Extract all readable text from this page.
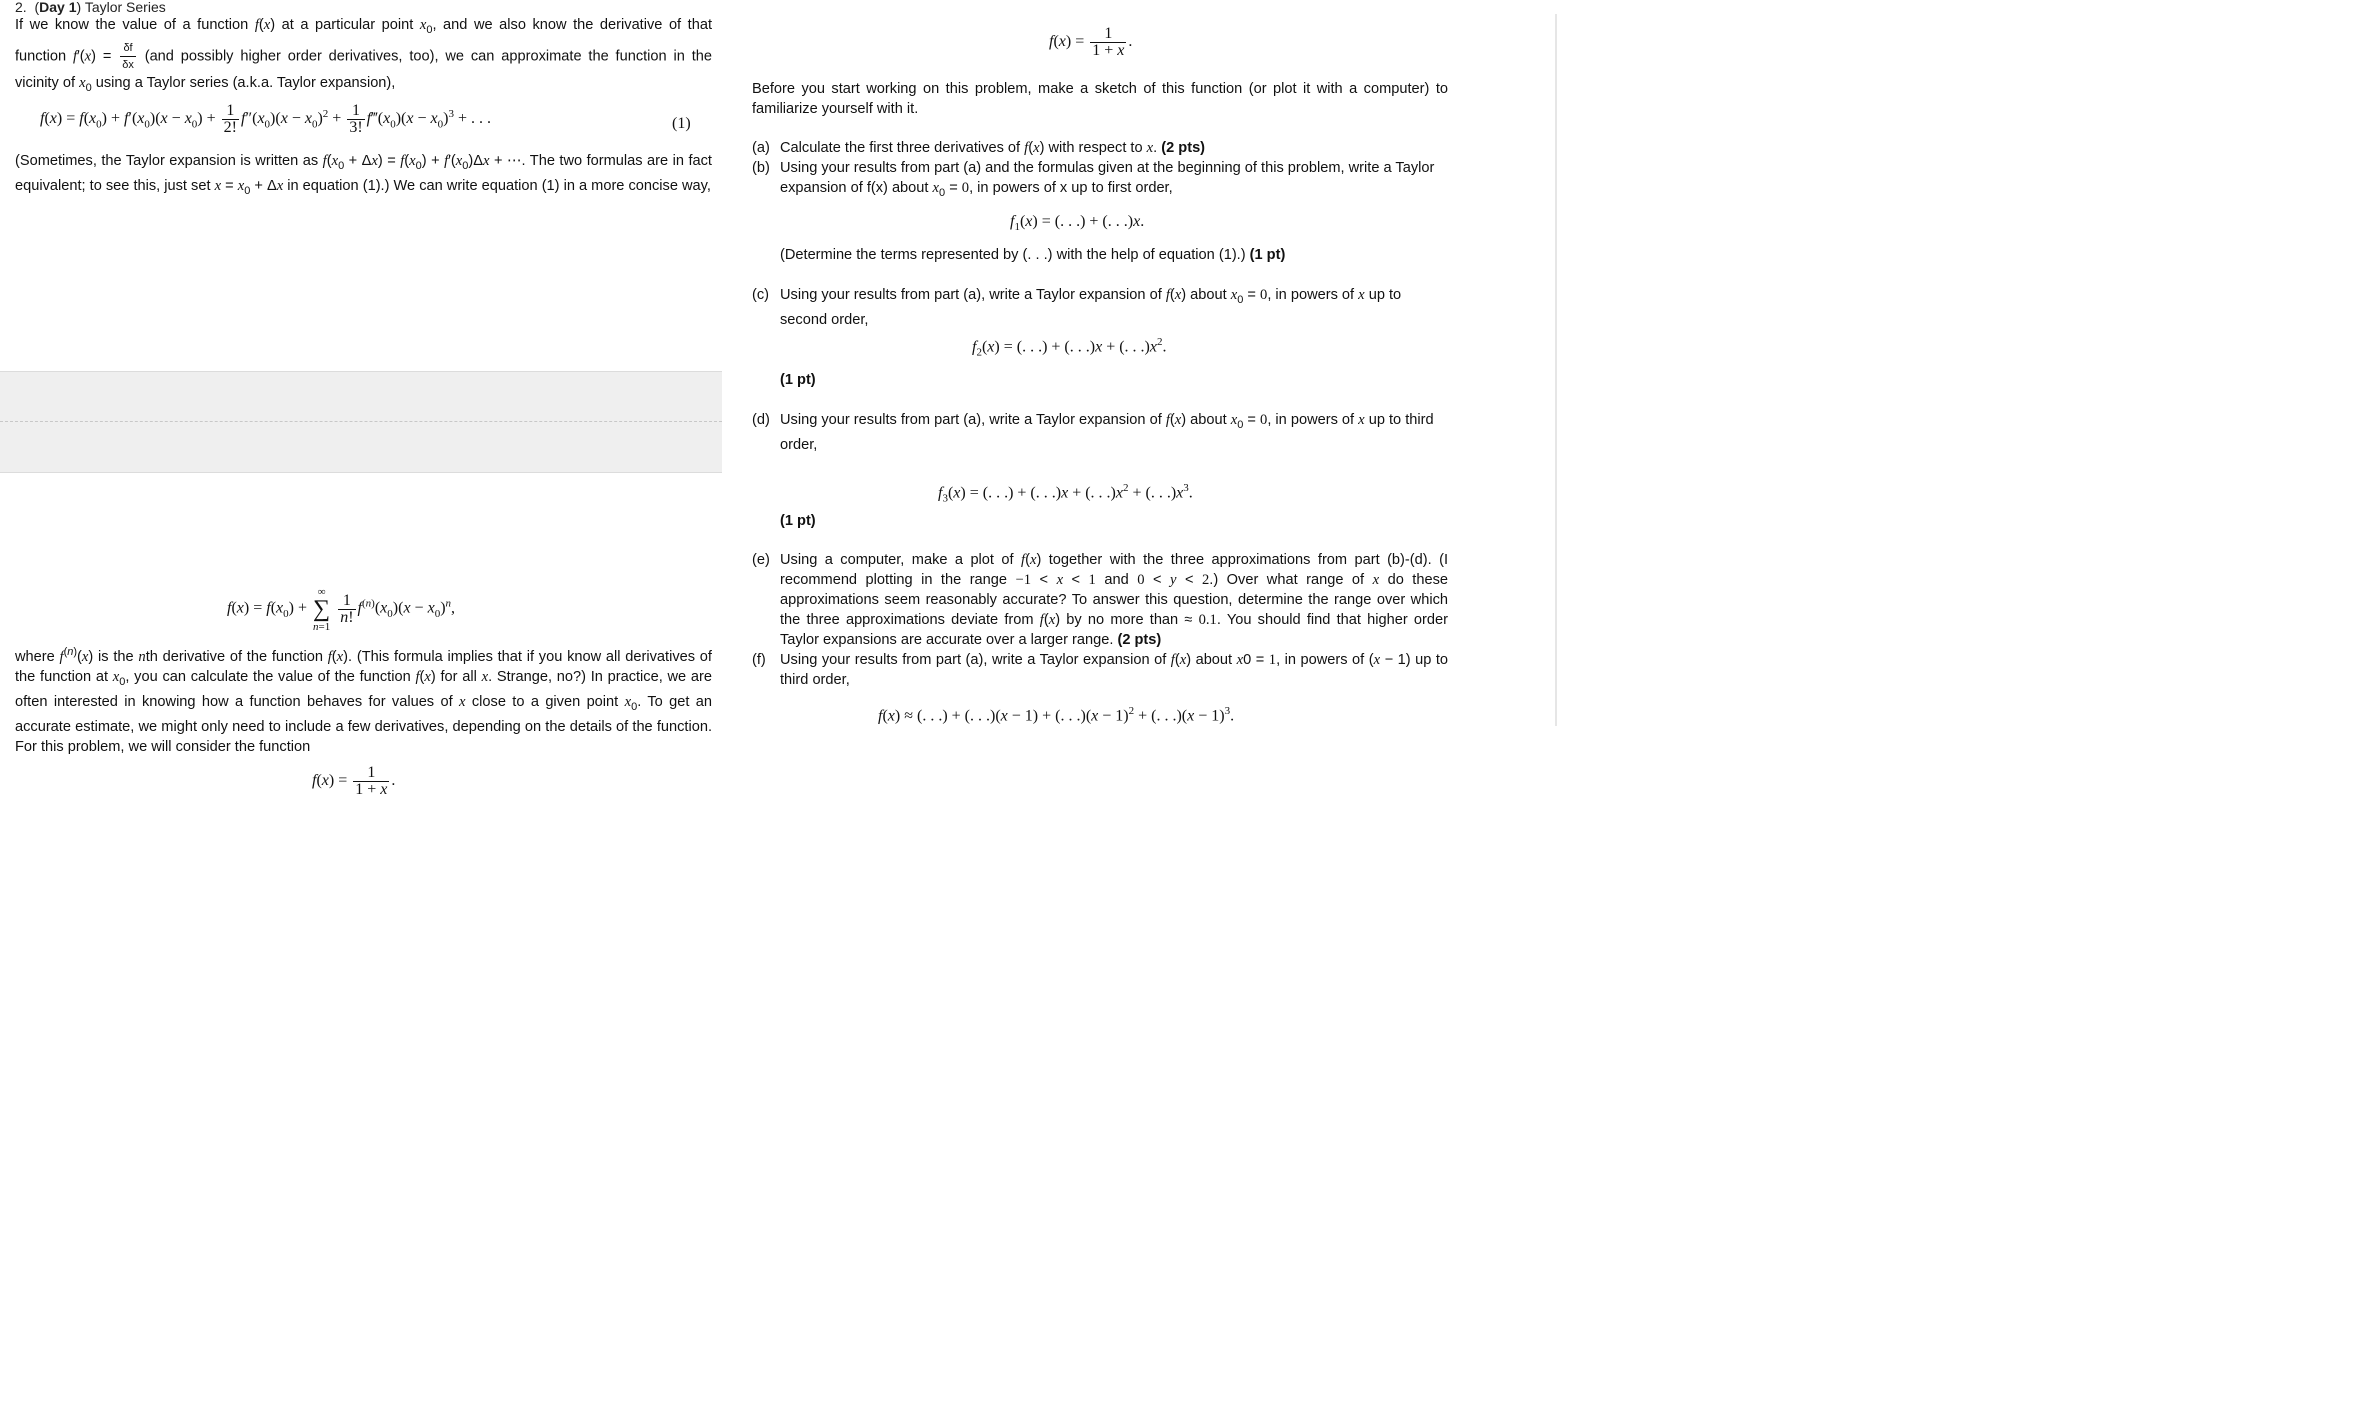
2.  (Day 1) Taylor Series

If we know the value of a function f(x) at a particular point $x_0$, and we also know the derivative of that function $f'(x) = \frac{\delta f}{\delta x} (and$ possibly higher order derivatives, too), we can approximate the function in the vicinity of $x_0$ using a Taylor series (a.k.a. Taylor expansion),

$f(x) = f(x_0) + f'(x_0)(x - x_0) + \frac{1}{2!} f''(x_0)(x - x_0)^2 + \frac{1}{3!}$ $f‴(x_0)(x - x_0)^3$ + . . .	(1)

(Sometimes, the Taylor expansion is written as $f(x_0 + \Delta x) = f(x_0) + f'(x_0)\Delta x$ + ⋯. The two formulas are in fact equivalent; to see this, just set $x = x_0 + \Delta x$ in equation (1).) We can write equation (1) in a more concise way,

$f(x) = f(x_0)$ + ∞
∑
n=1
$\frac{1}{n!} f^{(n)}(x_0)(x - x_0)^n$,

where $f^{(n)}(x)$ is the nth derivative of the function f(x). (This formula implies that if you know all derivatives of the function at $x_0$, you can calculate the value of the function f(x) for all x. Strange, no?) In practice, we are often interested in knowing how a function behaves for values of x close to a given point $x_0$. To get an accurate estimate, we might only need to include a few derivatives, depending on the details of the function. For this problem, we will consider the function

$f(x) = \frac{1}{1 + x}$ .
$f(x) = \frac{1}{1 + x}$ .

Before you start working on this problem, make a sketch of this function (or plot it with a computer) to familiarize yourself with it.

(a) Calculate the first three derivatives of f(x) with respect to x. (2 pts)
(b) Using your results from part (a) and the formulas given at the beginning of this problem, write a Taylor expansion of f(x) about $x_0 = 0$, in powers of x up to first order,
$f_1(x)$ = (. . .) + (. . .)x.
(Determine the terms represented by (. . .) with the help of equation (1).) (1 pt)
(c) Using your results from part (a), write a Taylor expansion of f(x) about $x_0 = 0$, in powers of x up to second order,
$f_2(x)$ = (. . .) + (. . .)x + (. . $.)x^2$.
(1 pt)
(d) Using your results from part (a), write a Taylor expansion of f(x) about $x_0 = 0$, in powers of x up to third order,
$f_3(x)$ = (. . .) + (. . .)x + (. . $.)x^2$ + (. . $.)x^3$.
(1 pt)
(e) Using a computer, make a plot of f(x) together with the three approximations from part (b)-(d). (I recommend plotting in the range −1 < x < 1 and 0 < y < 2.) Over what range of x do these approximations seem reasonably accurate? To answer this question, determine the range over which the three approximations deviate from f(x) by no more than ≈ 0.1. You should find that higher order Taylor expansions are accurate over a larger range. (2 pts)
(f) Using your results from part (a), write a Taylor expansion of f(x) about x0 = 1, in powers of (x − 1) up to third order,
f(x) ≈ (. . .) + (. . .)(x − 1) + (. . $.)(x - 1)^2$ + (. . $.)(x - 1)^3$.
